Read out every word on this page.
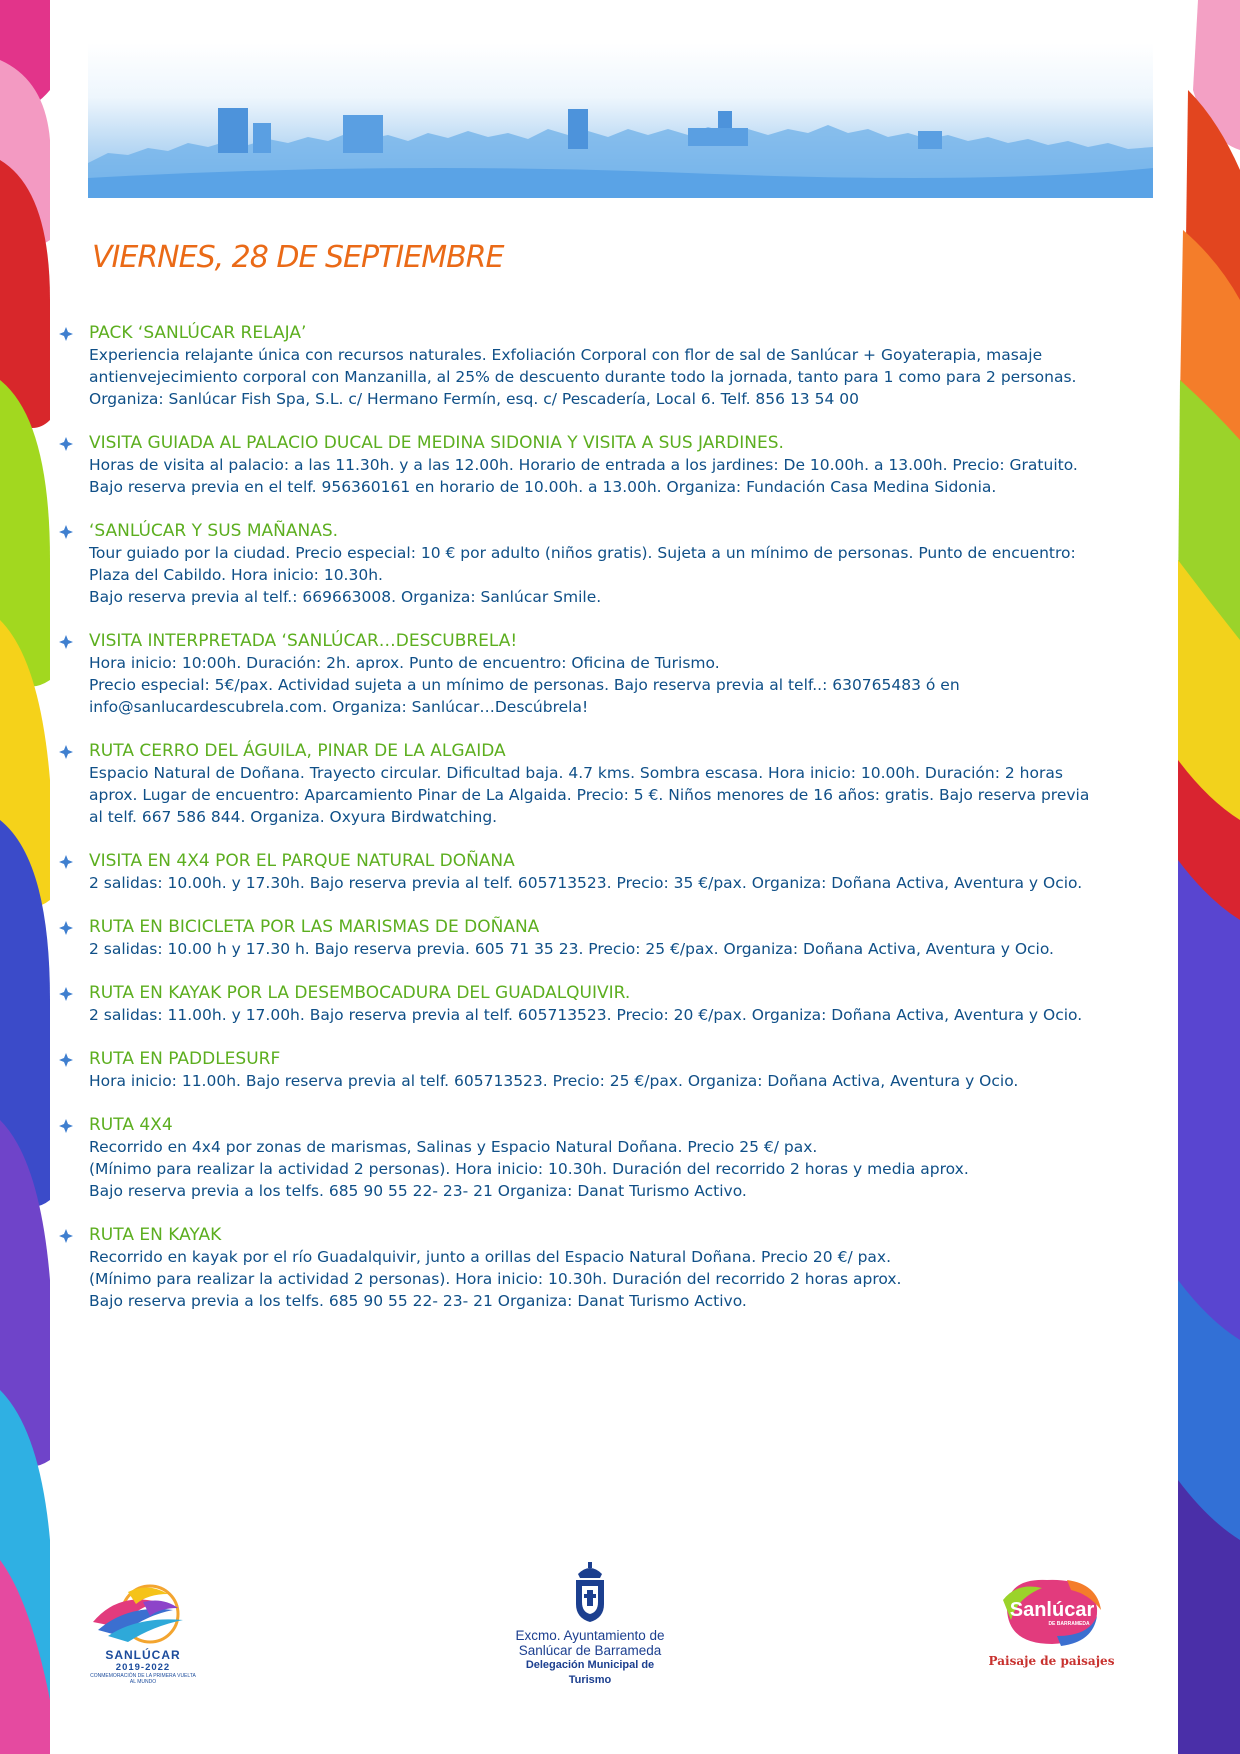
VIERNES, 28 DE SEPTIEMBRE

PACK ‘SANLÚCAR RELAJA’

Experiencia relajante única con recursos naturales. Exfoliación Corporal con flor de sal de Sanlúcar + Goyaterapia, masaje

antienvejecimiento corporal con Manzanilla, al 25% de descuento durante todo la jornada, tanto para 1 como para 2 personas.

Organiza: Sanlúcar Fish Spa, S.L. c/ Hermano Fermín, esq. c/ Pescadería, Local 6. Telf. 856 13 54 00

VISITA GUIADA AL PALACIO DUCAL DE MEDINA SIDONIA Y VISITA A SUS JARDINES.

Horas de visita al palacio: a las 11.30h. y a las 12.00h. Horario de entrada a los jardines: De 10.00h. a 13.00h. Precio: Gratuito.

Bajo reserva previa en el telf. 956360161 en horario de 10.00h. a 13.00h. Organiza: Fundación Casa Medina Sidonia.

‘SANLÚCAR Y SUS MAÑANAS.

Tour guiado por la ciudad. Precio especial: 10 € por adulto (niños gratis). Sujeta a un mínimo de personas. Punto de encuentro:

Plaza del Cabildo. Hora inicio: 10.30h.

Bajo reserva previa al telf.: 669663008. Organiza: Sanlúcar Smile.

VISITA INTERPRETADA ‘SANLÚCAR…DESCUBRELA!

Hora inicio: 10:00h. Duración: 2h. aprox. Punto de encuentro: Oficina de Turismo.

Precio especial: 5€/pax. Actividad sujeta a un mínimo de personas. Bajo reserva previa al telf..: 630765483 ó en

info@sanlucardescubrela.com. Organiza: Sanlúcar…Descúbrela!

RUTA CERRO DEL ÁGUILA, PINAR DE LA ALGAIDA

Espacio Natural de Doñana. Trayecto circular. Dificultad baja. 4.7 kms. Sombra escasa. Hora inicio: 10.00h. Duración: 2 horas

aprox. Lugar de encuentro: Aparcamiento Pinar de La Algaida. Precio: 5 €. Niños menores de 16 años: gratis. Bajo reserva previa

al telf. 667 586 844. Organiza. Oxyura Birdwatching.

VISITA EN 4X4 POR EL PARQUE NATURAL DOÑANA

2 salidas: 10.00h. y 17.30h. Bajo reserva previa al telf. 605713523. Precio: 35 €/pax. Organiza: Doñana Activa, Aventura y Ocio.

RUTA EN BICICLETA POR LAS MARISMAS DE DOÑANA

2 salidas: 10.00 h y 17.30 h. Bajo reserva previa. 605 71 35 23. Precio: 25 €/pax. Organiza: Doñana Activa, Aventura y Ocio.

RUTA EN KAYAK POR LA DESEMBOCADURA DEL GUADALQUIVIR.

2 salidas: 11.00h. y 17.00h. Bajo reserva previa al telf. 605713523. Precio: 20 €/pax. Organiza: Doñana Activa, Aventura y Ocio.

RUTA EN PADDLESURF

Hora inicio: 11.00h. Bajo reserva previa al telf. 605713523. Precio: 25 €/pax. Organiza: Doñana Activa, Aventura y Ocio.

RUTA 4X4

Recorrido en 4x4 por zonas de marismas, Salinas y Espacio Natural Doñana. Precio 25 €/ pax.

(Mínimo para realizar la actividad 2 personas). Hora inicio: 10.30h. Duración del recorrido 2 horas y media aprox.

Bajo reserva previa a los telfs. 685 90 55 22- 23- 21 Organiza: Danat Turismo Activo.

RUTA EN KAYAK

Recorrido en kayak por el río Guadalquivir, junto a orillas del Espacio Natural Doñana. Precio 20 €/ pax.

(Mínimo para realizar la actividad 2 personas). Hora inicio: 10.30h. Duración del recorrido 2 horas aprox.

Bajo reserva previa a los telfs. 685 90 55 22- 23- 21 Organiza: Danat Turismo Activo.

SANLÚCAR

2019-2022

CONMEMORACIÓN DE LA PRIMERA VUELTA AL MUNDO

Excmo. Ayuntamiento de

Sanlúcar de Barrameda

Delegación Municipal de Turismo

Sanlúcar
DE BARRAMEDA

Paisaje de paisajes
